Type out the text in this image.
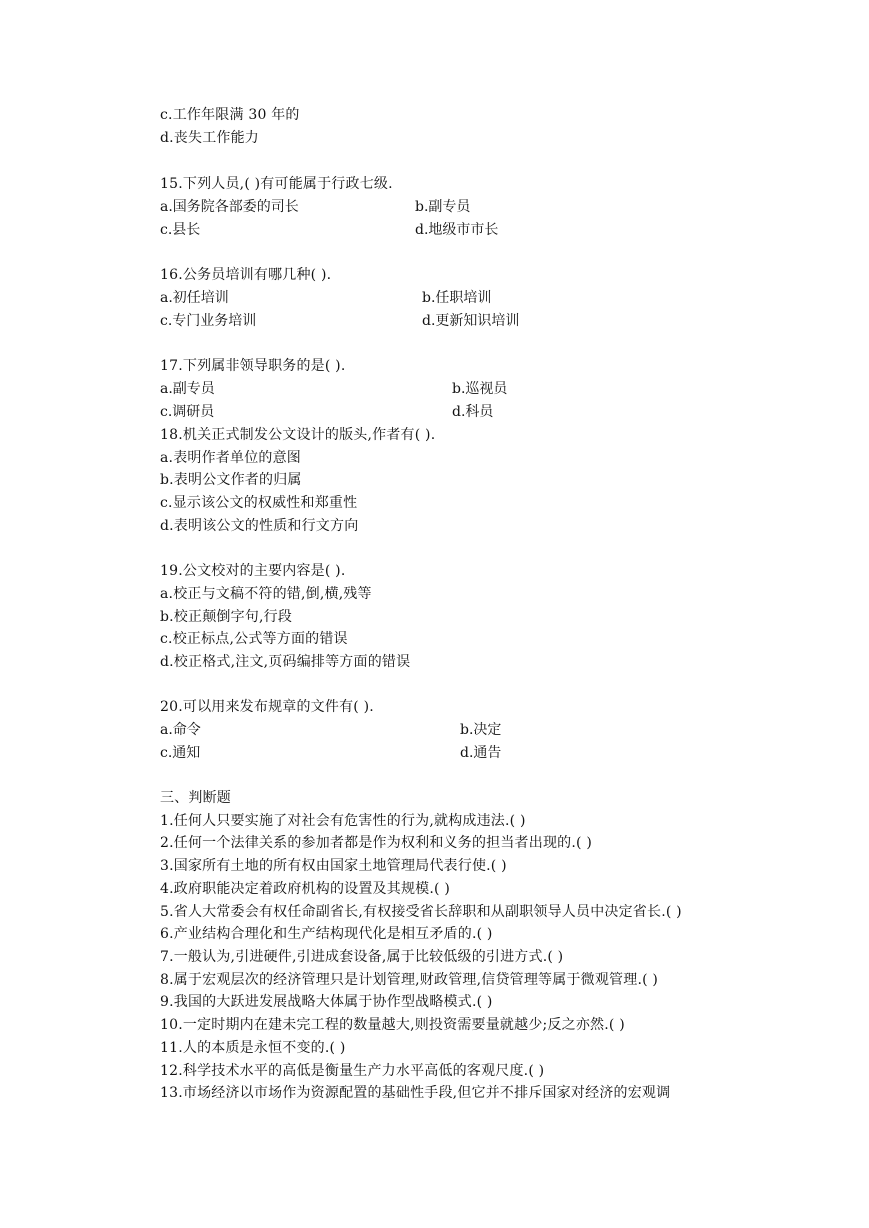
c.工作年限满 30 年的
d.丧失工作能力
15.下列人员,( )有可能属于行政七级.
a.国务院各部委的司长	b.副专员
c.县长	d.地级市市长
16.公务员培训有哪几种( ).
a.初任培训	b.任职培训
c.专门业务培训	d.更新知识培训
17.下列属非领导职务的是( ).
a.副专员	b.巡视员
c.调研员	d.科员
18.机关正式制发公文设计的版头,作者有( ).
a.表明作者单位的意图
b.表明公文作者的归属
c.显示该公文的权威性和郑重性
d.表明该公文的性质和行文方向
19.公文校对的主要内容是( ).
a.校正与文稿不符的错,倒,横,残等
b.校正颠倒字句,行段
c.校正标点,公式等方面的错误
d.校正格式,注文,页码编排等方面的错误
20.可以用来发布规章的文件有( ).
a.命令	b.决定
c.通知	d.通告
三、判断题
1.任何人只要实施了对社会有危害性的行为,就构成违法.( )
2.任何一个法律关系的参加者都是作为权利和义务的担当者出现的.( )
3.国家所有土地的所有权由国家土地管理局代表行使.( )
4.政府职能决定着政府机构的设置及其规模.( )
5.省人大常委会有权任命副省长,有权接受省长辞职和从副职领导人员中决定省长.( )
6.产业结构合理化和生产结构现代化是相互矛盾的.( )
7.一般认为,引进硬件,引进成套设备,属于比较低级的引进方式.( )
8.属于宏观层次的经济管理只是计划管理,财政管理,信贷管理等属于微观管理.( )
9.我国的大跃进发展战略大体属于协作型战略模式.( )
10.一定时期内在建未完工程的数量越大,则投资需要量就越少;反之亦然.( )
11.人的本质是永恒不变的.( )
12.科学技术水平的高低是衡量生产力水平高低的客观尺度.( )
13.市场经济以市场作为资源配置的基础性手段,但它并不排斥国家对经济的宏观调
